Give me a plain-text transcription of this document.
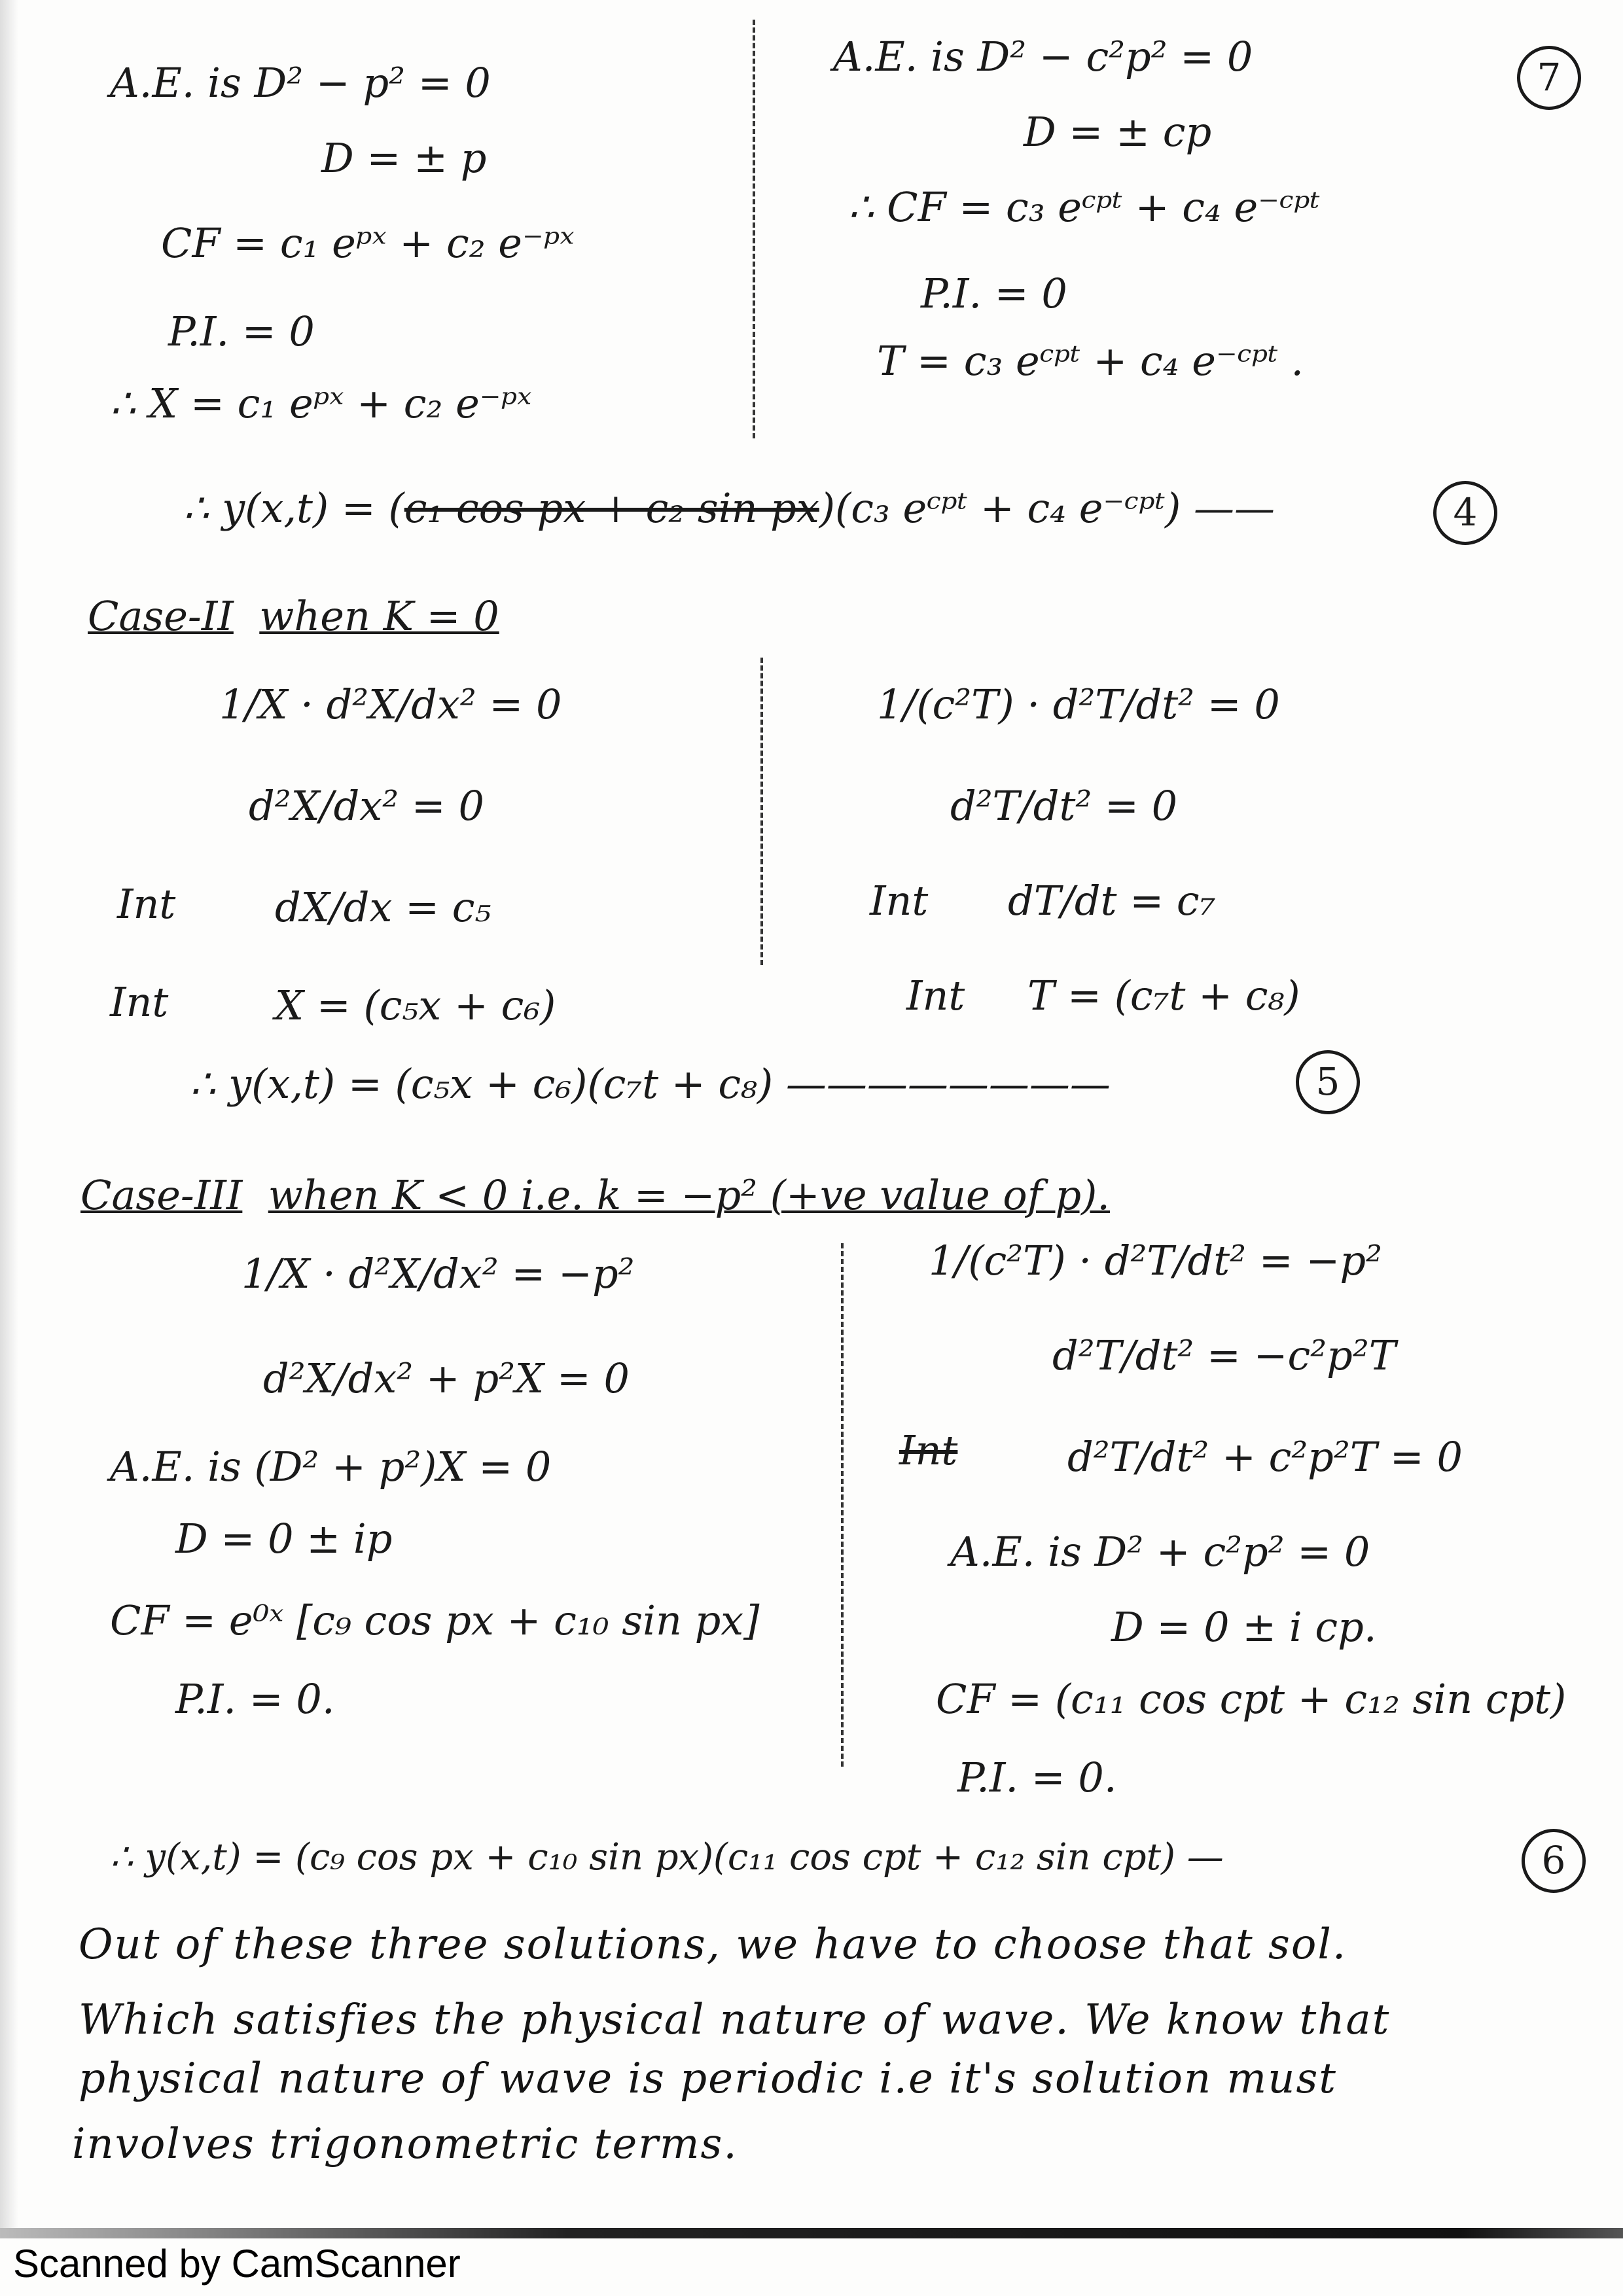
7
A.E. is D² − p² = 0
D = ± p
CF = c₁ eᵖˣ + c₂ e⁻ᵖˣ
P.I. = 0
∴ X = c₁ eᵖˣ + c₂ e⁻ᵖˣ
A.E. is D² − c²p² = 0
D = ± cp
∴ CF = c₃ eᶜᵖᵗ + c₄ e⁻ᶜᵖᵗ
P.I. = 0
T = c₃ eᶜᵖᵗ + c₄ e⁻ᶜᵖᵗ .
∴ y(x,t) = (c₁ cos px + c₂ sin px)(c₃ eᶜᵖᵗ + c₄ e⁻ᶜᵖᵗ) ——	4
Case-II when K = 0
1/X · d²X/dx² = 0
d²X/dx² = 0
Int dX/dx = c₅
Int	X = (c₅x + c₆)
1/(c²T) · d²T/dt² = 0
d²T/dt² = 0
Int dT/dt = c₇
Int T = (c₇t + c₈)
∴ y(x,t) = (c₅x + c₆)(c₇t + c₈) ————————	5
Case-III when K < 0 i.e. k = −p² (+ve value of p).
1/X · d²X/dx² = −p²
d²X/dx² + p²X = 0
A.E. is (D² + p²)X = 0
D = 0 ± ip
CF = e⁰ˣ [c₉ cos px + c₁₀ sin px]
P.I. = 0.
1/(c²T) · d²T/dt² = −p²
d²T/dt² = −c²p²T
Int	d²T/dt² + c²p²T = 0
A.E. is D² + c²p² = 0
D = 0 ± i cp.
CF = (c₁₁ cos cpt + c₁₂ sin cpt)
P.I. = 0.
∴ y(x,t) = (c₉ cos px + c₁₀ sin px)(c₁₁ cos cpt + c₁₂ sin cpt) —	6
Out of these three solutions, we have to choose that sol.
Which satisfies the physical nature of wave. We know that
physical nature of wave is periodic i.e it's solution must
involves trigonometric terms.
Scanned by CamScanner
